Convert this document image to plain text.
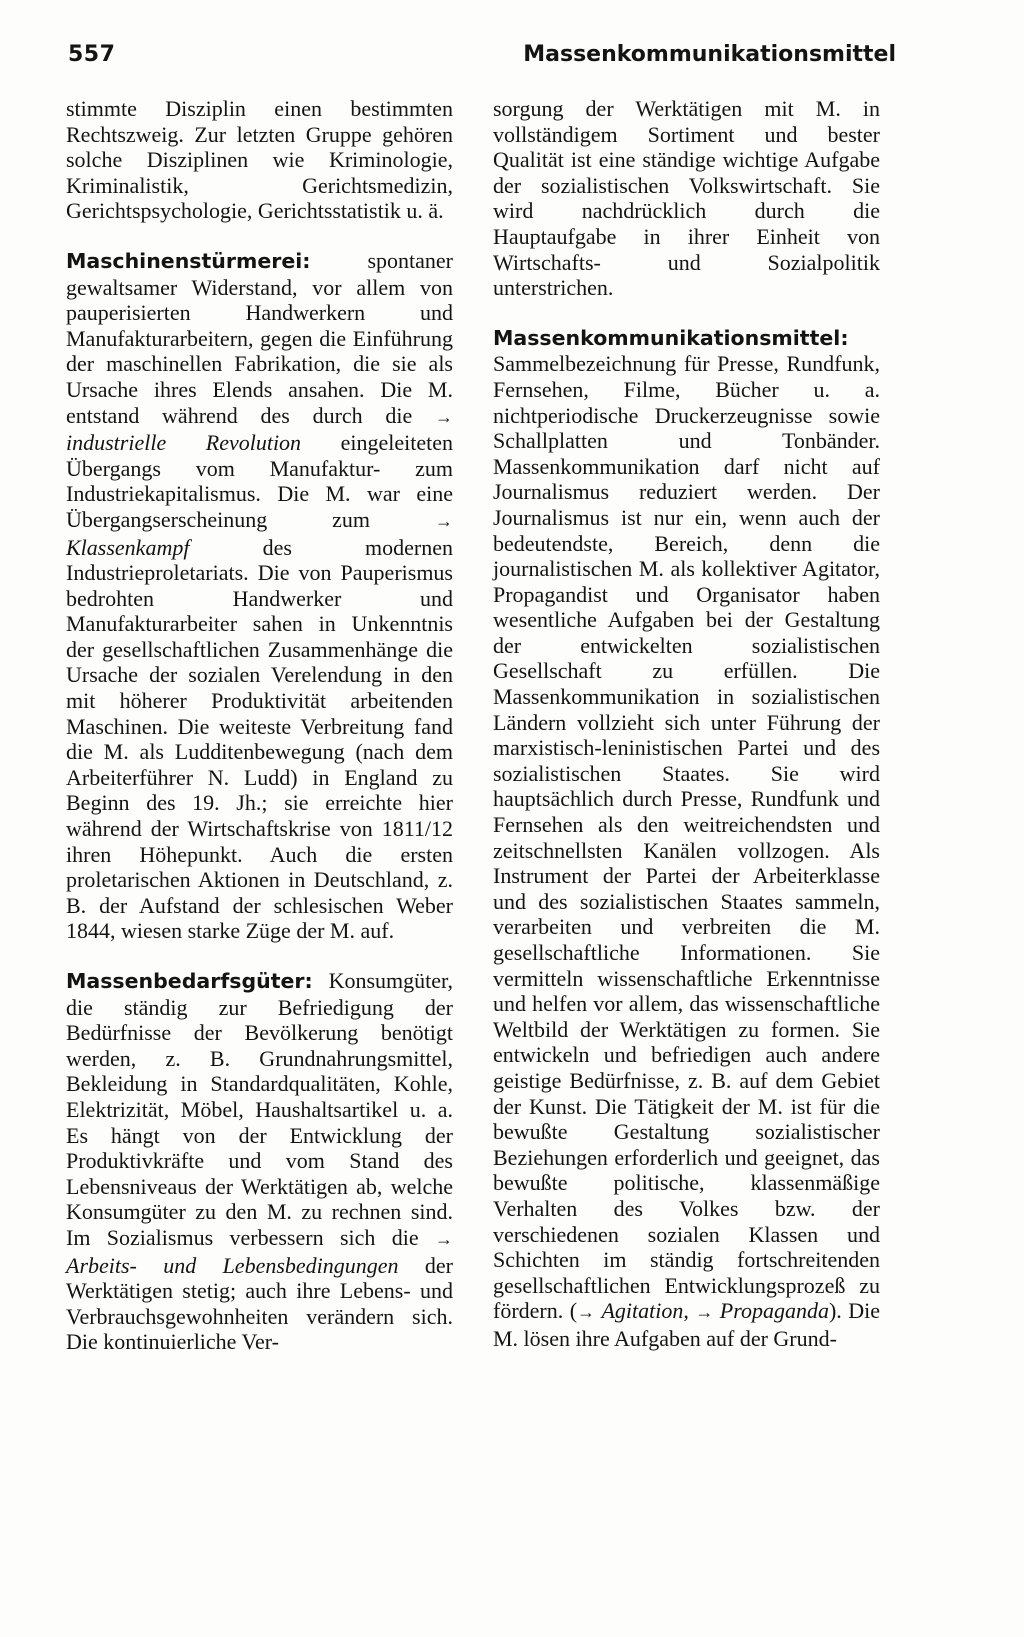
557	Massenkommunikationsmittel

stimmte Disziplin einen bestimmten Rechtszweig. Zur letzten Gruppe gehören solche Disziplinen wie Kriminologie, Kriminalistik, Gerichtsmedizin, Gerichtspsychologie, Gerichtsstatistik u. ä.

Maschinenstürmerei: spontaner gewaltsamer Widerstand, vor allem von pauperisierten Handwerkern und Manufakturarbeitern, gegen die Einführung der maschinellen Fabrikation, die sie als Ursache ihres Elends ansahen. Die M. entstand während des durch die → industrielle Revolution eingeleiteten Übergangs vom Manufaktur- zum Industriekapitalismus. Die M. war eine Übergangserscheinung zum → Klassenkampf des modernen Industrieproletariats. Die von Pauperismus bedrohten Handwerker und Manufakturarbeiter sahen in Unkenntnis der gesellschaftlichen Zusammenhänge die Ursache der sozialen Verelendung in den mit höherer Produktivität arbeitenden Maschinen. Die weiteste Verbreitung fand die M. als Ludditenbewegung (nach dem Arbeiterführer N. Ludd) in England zu Beginn des 19. Jh.; sie erreichte hier während der Wirtschaftskrise von 1811/12 ihren Höhepunkt. Auch die ersten proletarischen Aktionen in Deutschland, z. B. der Aufstand der schlesischen Weber 1844, wiesen starke Züge der M. auf.

Massenbedarfsgüter: Konsumgüter, die ständig zur Befriedigung der Bedürfnisse der Bevölkerung benötigt werden, z. B. Grundnahrungsmittel, Bekleidung in Standardqualitäten, Kohle, Elektrizität, Möbel, Haushaltsartikel u. a. Es hängt von der Entwicklung der Produktivkräfte und vom Stand des Lebensniveaus der Werktätigen ab, welche Konsumgüter zu den M. zu rechnen sind. Im Sozialismus verbessern sich die → Arbeits- und Lebensbedingungen der Werktätigen stetig; auch ihre Lebens- und Verbrauchsgewohnheiten verändern sich. Die kontinuierliche Ver-

sorgung der Werktätigen mit M. in vollständigem Sortiment und bester Qualität ist eine ständige wichtige Aufgabe der sozialistischen Volkswirtschaft. Sie wird nachdrücklich durch die Hauptaufgabe in ihrer Einheit von Wirtschafts- und Sozialpolitik unterstrichen.

Massenkommunikationsmittel: Sammelbezeichnung für Presse, Rundfunk, Fernsehen, Filme, Bücher u. a. nichtperiodische Druckerzeugnisse sowie Schallplatten und Tonbänder. Massenkommunikation darf nicht auf Journalismus reduziert werden. Der Journalismus ist nur ein, wenn auch der bedeutendste, Bereich, denn die journalistischen M. als kollektiver Agitator, Propagandist und Organisator haben wesentliche Aufgaben bei der Gestaltung der entwickelten sozialistischen Gesellschaft zu erfüllen. Die Massenkommunikation in sozialistischen Ländern vollzieht sich unter Führung der marxistisch-leninistischen Partei und des sozialistischen Staates. Sie wird hauptsächlich durch Presse, Rundfunk und Fernsehen als den weitreichendsten und zeitschnellsten Kanälen vollzogen. Als Instrument der Partei der Arbeiterklasse und des sozialistischen Staates sammeln, verarbeiten und verbreiten die M. gesellschaftliche Informationen. Sie vermitteln wissenschaftliche Erkenntnisse und helfen vor allem, das wissenschaftliche Weltbild der Werktätigen zu formen. Sie entwickeln und befriedigen auch andere geistige Bedürfnisse, z. B. auf dem Gebiet der Kunst. Die Tätigkeit der M. ist für die bewußte Gestaltung sozialistischer Beziehungen erforderlich und geeignet, das bewußte politische, klassenmäßige Verhalten des Volkes bzw. der verschiedenen sozialen Klassen und Schichten im ständig fortschreitenden gesellschaftlichen Entwicklungsprozeß zu fördern. (→ Agitation, → Propaganda). Die M. lösen ihre Aufgaben auf der Grund-
